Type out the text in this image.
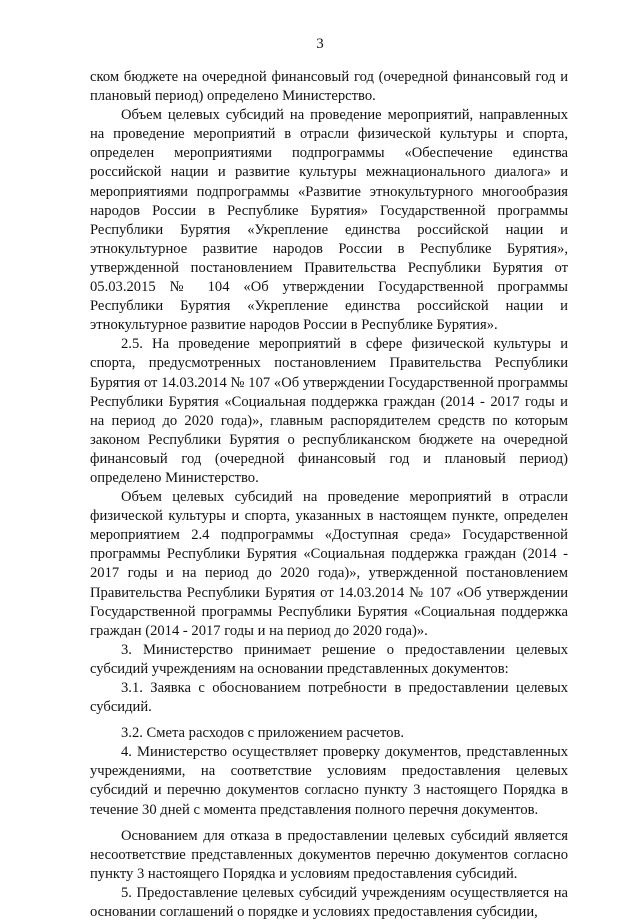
3

ском бюджете на очередной финансовый год (очередной финансовый год и плановый период) определено Министерство.

Объем целевых субсидий на проведение мероприятий, направленных на проведение мероприятий в отрасли физической культуры и спорта, определен мероприятиями подпрограммы «Обеспечение единства российской нации и развитие культуры межнационального диалога» и мероприятиями подпрограммы «Развитие этнокультурного многообразия народов России в Республике Бурятия» Государственной программы Республики Бурятия «Укрепление единства российской нации и этнокультурное развитие народов России в Республике Бурятия», утвержденной постановлением Правительства Республики Бурятия от 05.03.2015 № 104 «Об утверждении Государственной программы Республики Бурятия «Укрепление единства российской нации и этнокультурное развитие народов России в Республике Бурятия».

2.5. На проведение мероприятий в сфере физической культуры и спорта, предусмотренных постановлением Правительства Республики Бурятия от 14.03.2014 № 107 «Об утверждении Государственной программы Республики Бурятия «Социальная поддержка граждан (2014 - 2017 годы и на период до 2020 года)», главным распорядителем средств по которым законом Республики Бурятия о республиканском бюджете на очередной финансовый год (очередной финансовый год и плановый период) определено Министерство.

Объем целевых субсидий на проведение мероприятий в отрасли физической культуры и спорта, указанных в настоящем пункте, определен мероприятием 2.4 подпрограммы «Доступная среда» Государственной программы Республики Бурятия «Социальная поддержка граждан (2014 - 2017 годы и на период до 2020 года)», утвержденной постановлением Правительства Республики Бурятия от 14.03.2014 № 107 «Об утверждении Государственной программы Республики Бурятия «Социальная поддержка граждан (2014 - 2017 годы и на период до 2020 года)».

3. Министерство принимает решение о предоставлении целевых субсидий учреждениям на основании представленных документов:

3.1. Заявка с обоснованием потребности в предоставлении целевых субсидий.

3.2. Смета расходов с приложением расчетов.

4. Министерство осуществляет проверку документов, представленных учреждениями, на соответствие условиям предоставления целевых субсидий и перечню документов согласно пункту 3 настоящего Порядка в течение 30 дней с момента представления полного перечня документов.

Основанием для отказа в предоставлении целевых субсидий является несоответствие представленных документов перечню документов согласно пункту 3 настоящего Порядка и условиям предоставления субсидий.

5. Предоставление целевых субсидий учреждениям осуществляется на основании соглашений о порядке и условиях предоставления субсидии,
